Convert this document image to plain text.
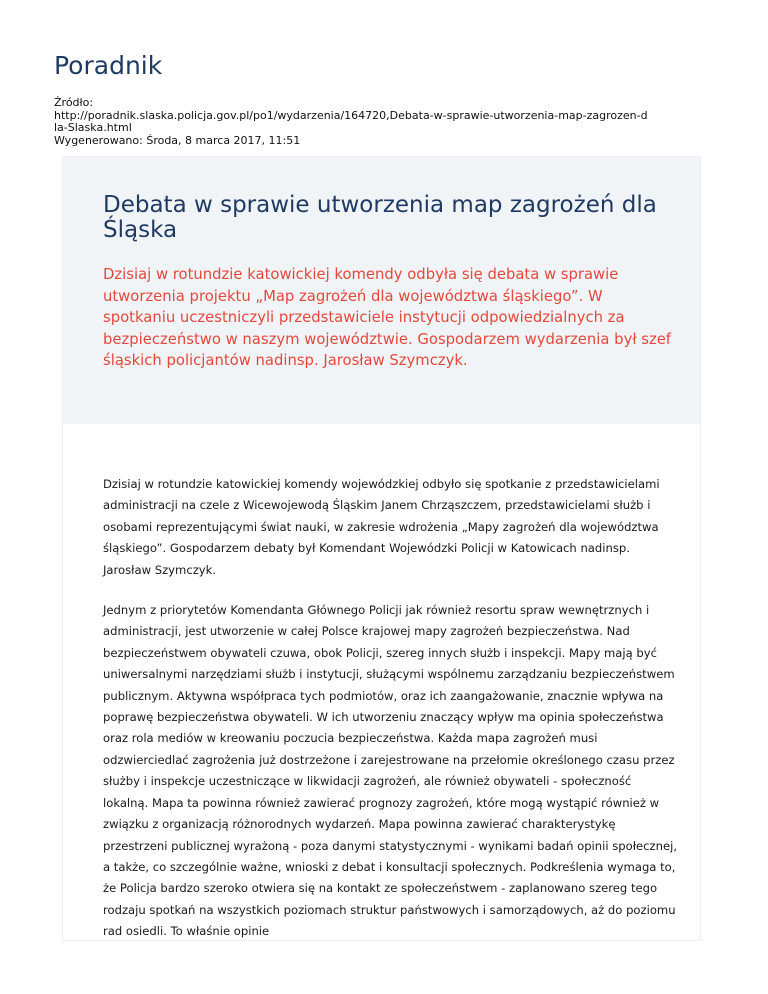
Poradnik
Źródło:
http://poradnik.slaska.policja.gov.pl/po1/wydarzenia/164720,Debata-w-sprawie-utworzenia-map-zagrozen-d
la-Slaska.html
Wygenerowano: Środa, 8 marca 2017, 11:51
Debata w sprawie utworzenia map zagrożeń dla Śląska

Dzisiaj w rotundzie katowickiej komendy odbyła się debata w sprawie utworzenia projektu „Map zagrożeń dla województwa śląskiego”. W spotkaniu uczestniczyli przedstawiciele instytucji odpowiedzialnych za bezpieczeństwo w naszym województwie. Gospodarzem wydarzenia był szef śląskich policjantów nadinsp. Jarosław Szymczyk.

Dzisiaj w rotundzie katowickiej komendy wojewódzkiej odbyło się spotkanie z przedstawicielami administracji na czele z Wicewojewodą Śląskim Janem Chrząszczem, przedstawicielami służb i osobami reprezentującymi świat nauki, w zakresie wdrożenia „Mapy zagrożeń dla województwa śląskiego”. Gospodarzem debaty był Komendant Wojewódzki Policji w Katowicach nadinsp. Jarosław Szymczyk.

Jednym z priorytetów Komendanta Głównego Policji jak również resortu spraw wewnętrznych i administracji, jest utworzenie w całej Polsce krajowej mapy zagrożeń bezpieczeństwa. Nad bezpieczeństwem obywateli czuwa, obok Policji, szereg innych służb i inspekcji. Mapy mają być uniwersalnymi narzędziami służb i instytucji, służącymi wspólnemu zarządzaniu bezpieczeństwem publicznym. Aktywna współpraca tych podmiotów, oraz ich zaangażowanie, znacznie wpływa na poprawę bezpieczeństwa obywateli. W ich utworzeniu znaczący wpływ ma opinia społeczeństwa oraz rola mediów w kreowaniu poczucia bezpieczeństwa. Każda mapa zagrożeń musi odzwierciedlać zagrożenia już dostrzeżone i zarejestrowane na przełomie określonego czasu przez służby i inspekcje uczestniczące w likwidacji zagrożeń, ale również obywateli - społeczność lokalną. Mapa ta powinna również zawierać prognozy zagrożeń, które mogą wystąpić również w związku z organizacją różnorodnych wydarzeń. Mapa powinna zawierać charakterystykę przestrzeni publicznej wyrażoną - poza danymi statystycznymi - wynikami badań opinii społecznej, a także, co szczególnie ważne, wnioski z debat i konsultacji społecznych. Podkreślenia wymaga to, że Policja bardzo szeroko otwiera się na kontakt ze społeczeństwem - zaplanowano szereg tego rodzaju spotkań na wszystkich poziomach struktur państwowych i samorządowych, aż do poziomu rad osiedli. To właśnie opinie
